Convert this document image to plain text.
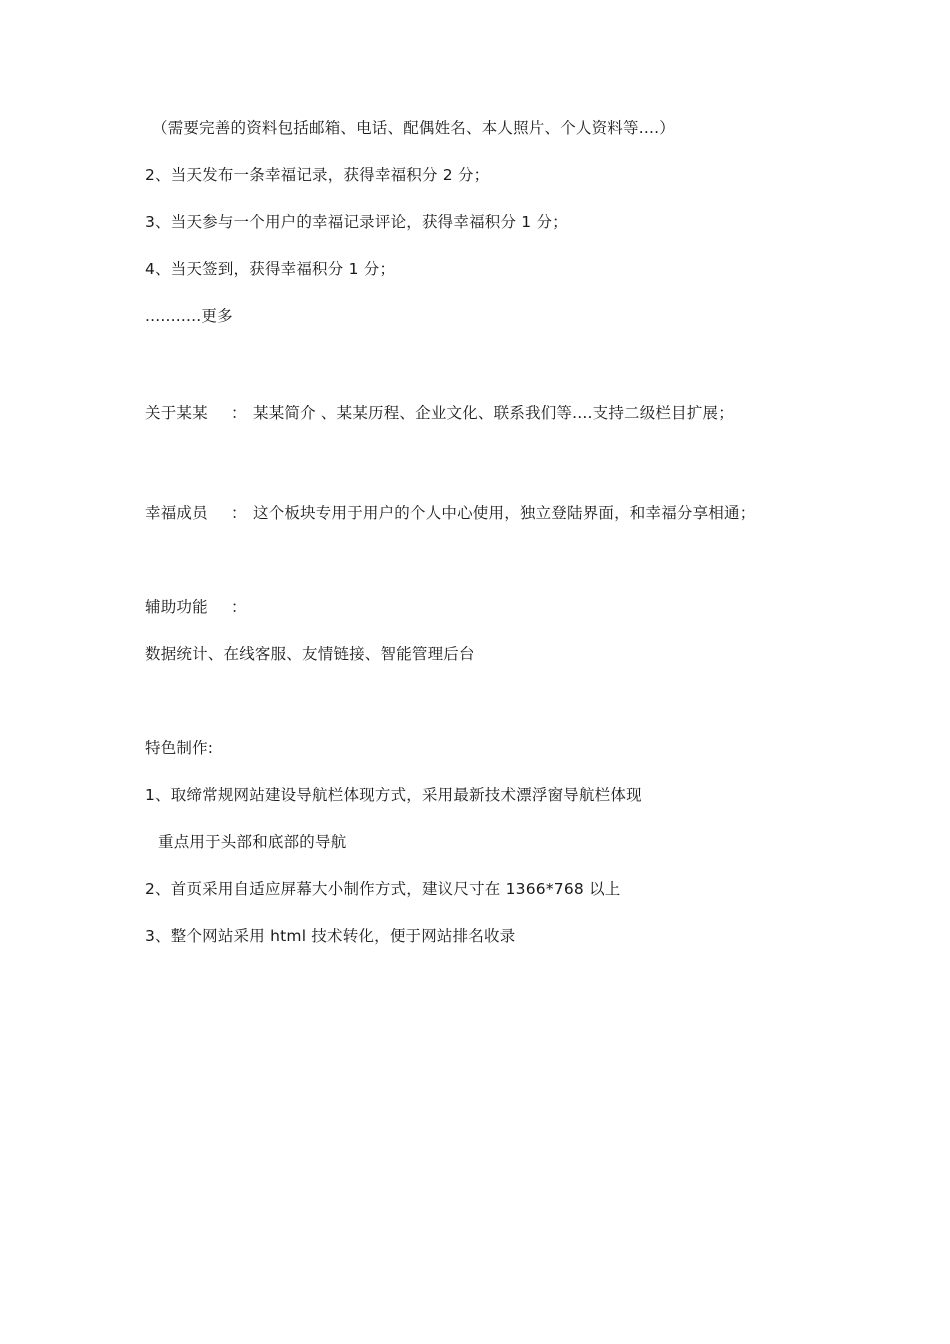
（需要完善的资料包括邮箱、电话、配偶姓名、本人照片、个人资料等....）
2、当天发布一条幸福记录，获得幸福积分 2 分；
3、当天参与一个用户的幸福记录评论，获得幸福积分 1 分；
4、当天签到，获得幸福积分 1 分；
...........更多
关于某某 ： 某某简介 、某某历程、企业文化、联系我们等....支持二级栏目扩展；
幸福成员 ： 这个板块专用于用户的个人中心使用，独立登陆界面，和幸福分享相通；
辅助功能 ：
数据统计、在线客服、友情链接、智能管理后台
特色制作:
1、取缔常规网站建设导航栏体现方式，采用最新技术漂浮窗导航栏体现
重点用于头部和底部的导航
2、首页采用自适应屏幕大小制作方式，建议尺寸在 1366*768 以上
3、整个网站采用 html 技术转化，便于网站排名收录
